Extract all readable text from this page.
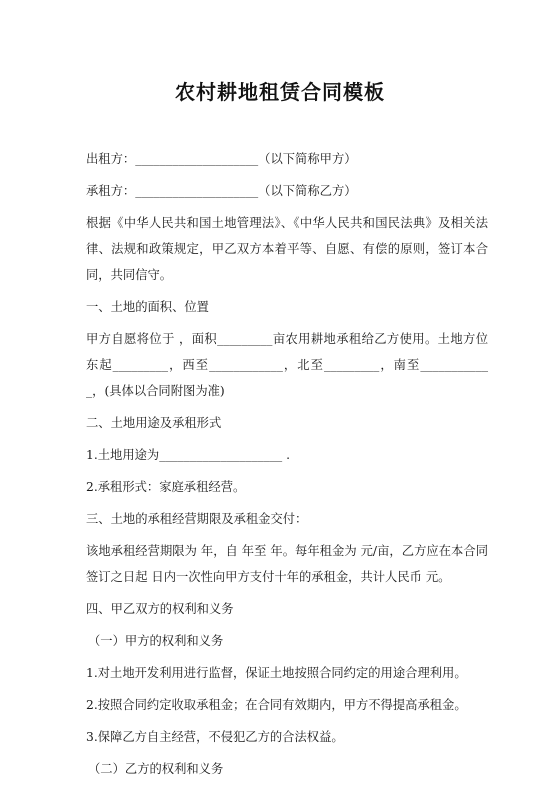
农村耕地租赁合同模板

出租方：____________________（以下简称甲方）

承租方：____________________（以下简称乙方）

根据《中华人民共和国土地管理法》、《中华人民共和国民法典》及相关法律、法规和政策规定，甲乙双方本着平等、自愿、有偿的原则，签订本合同，共同信守。

一、土地的面积、位置

甲方自愿将位于 ，面积_________亩农用耕地承租给乙方使用。土地方位东起_________，西至____________，北至_________，南至____________，(具体以合同附图为准)

二、土地用途及承租形式

1.土地用途为____________________ .

2.承租形式：家庭承租经营。

三、土地的承租经营期限及承租金交付：

该地承租经营期限为 年，自 年至 年。每年租金为 元/亩，乙方应在本合同签订之日起 日内一次性向甲方支付十年的承租金，共计人民币 元。

四、甲乙双方的权利和义务

（一）甲方的权利和义务

1.对土地开发利用进行监督，保证土地按照合同约定的用途合理利用。

2.按照合同约定收取承租金；在合同有效期内，甲方不得提高承租金。

3.保障乙方自主经营，不侵犯乙方的合法权益。

（二）乙方的权利和义务
